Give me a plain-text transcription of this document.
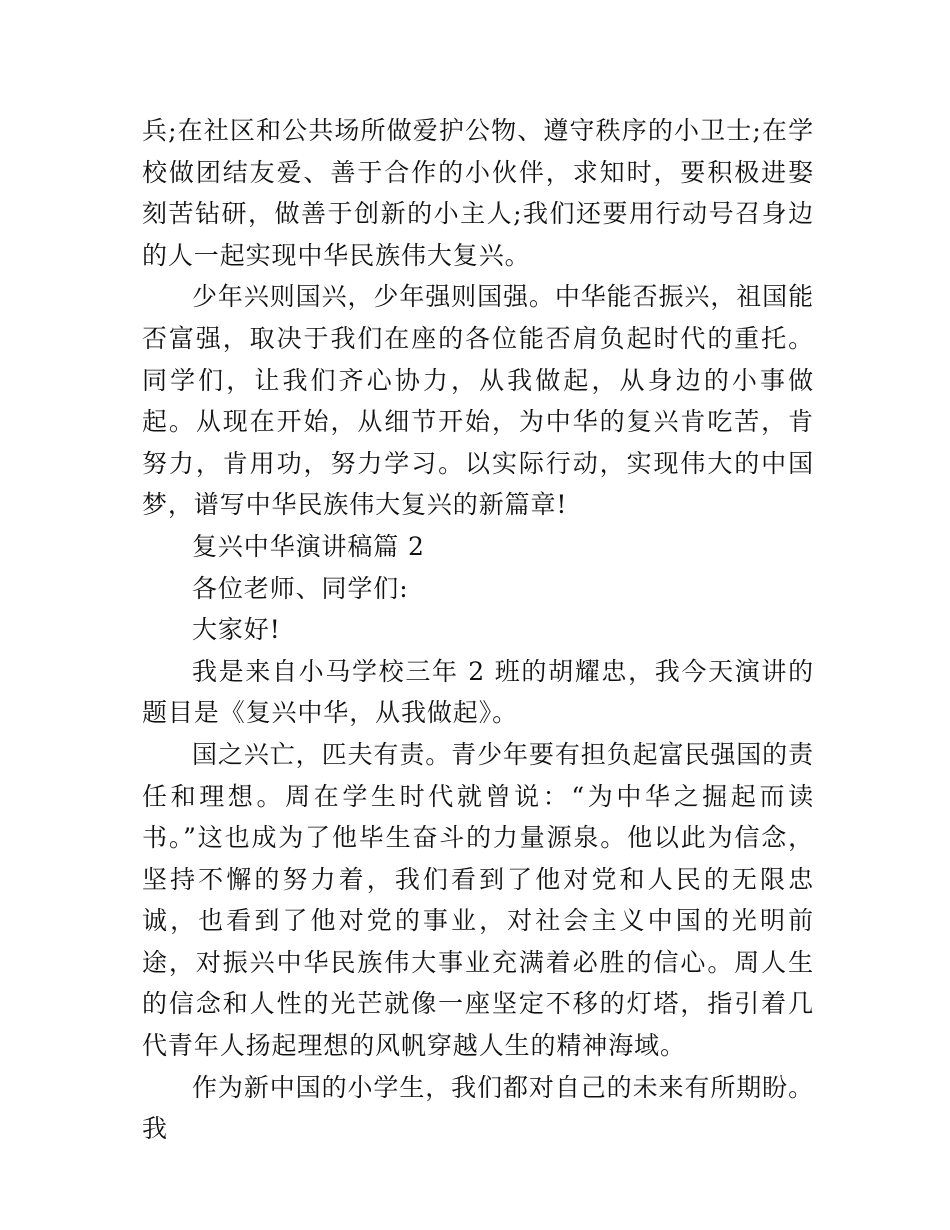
兵;在社区和公共场所做爱护公物、遵守秩序的小卫士;在学校做团结友爱、善于合作的小伙伴，求知时，要积极进娶刻苦钻研，做善于创新的小主人;我们还要用行动号召身边的人一起实现中华民族伟大复兴。

少年兴则国兴，少年强则国强。中华能否振兴，祖国能否富强，取决于我们在座的各位能否肩负起时代的重托。同学们，让我们齐心协力，从我做起，从身边的小事做起。从现在开始，从细节开始，为中华的复兴肯吃苦，肯努力，肯用功，努力学习。以实际行动，实现伟大的中国梦，谱写中华民族伟大复兴的新篇章!

复兴中华演讲稿篇 2

各位老师、同学们:

大家好!

我是来自小马学校三年 2 班的胡耀忠，我今天演讲的题目是《复兴中华，从我做起》。

国之兴亡，匹夫有责。青少年要有担负起富民强国的责任和理想。周在学生时代就曾说：“为中华之掘起而读书。”这也成为了他毕生奋斗的力量源泉。他以此为信念，坚持不懈的努力着，我们看到了他对党和人民的无限忠诚，也看到了他对党的事业，对社会主义中国的光明前途，对振兴中华民族伟大事业充满着必胜的信心。周人生的信念和人性的光芒就像一座坚定不移的灯塔，指引着几代青年人扬起理想的风帆穿越人生的精神海域。

作为新中国的小学生，我们都对自己的未来有所期盼。我
